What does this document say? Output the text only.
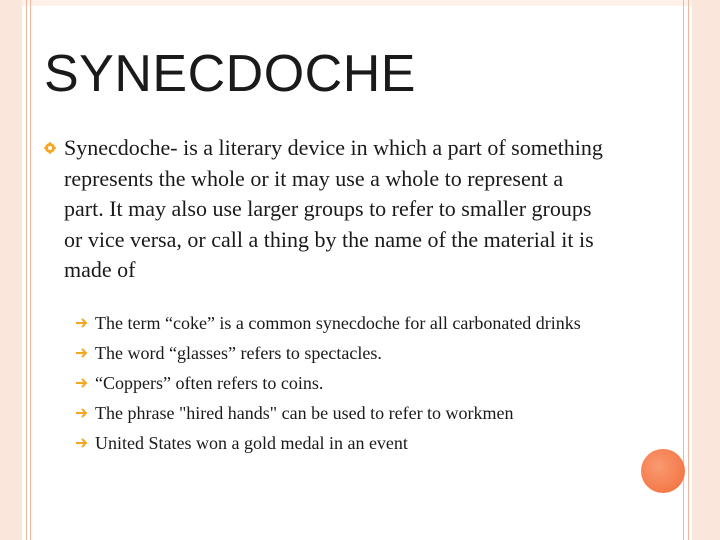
SYNECDOCHE
Synecdoche- is a literary device in which a part of something represents the whole or it may use a whole to represent a part. It may also use larger groups to refer to smaller groups or vice versa, or call a thing by the name of the material it is made of
The term “coke” is a common synecdoche for all carbonated drinks
The word “glasses” refers to spectacles.
“Coppers” often refers to coins.
The phrase "hired hands" can be used to refer to workmen
United States won a gold medal in an event
